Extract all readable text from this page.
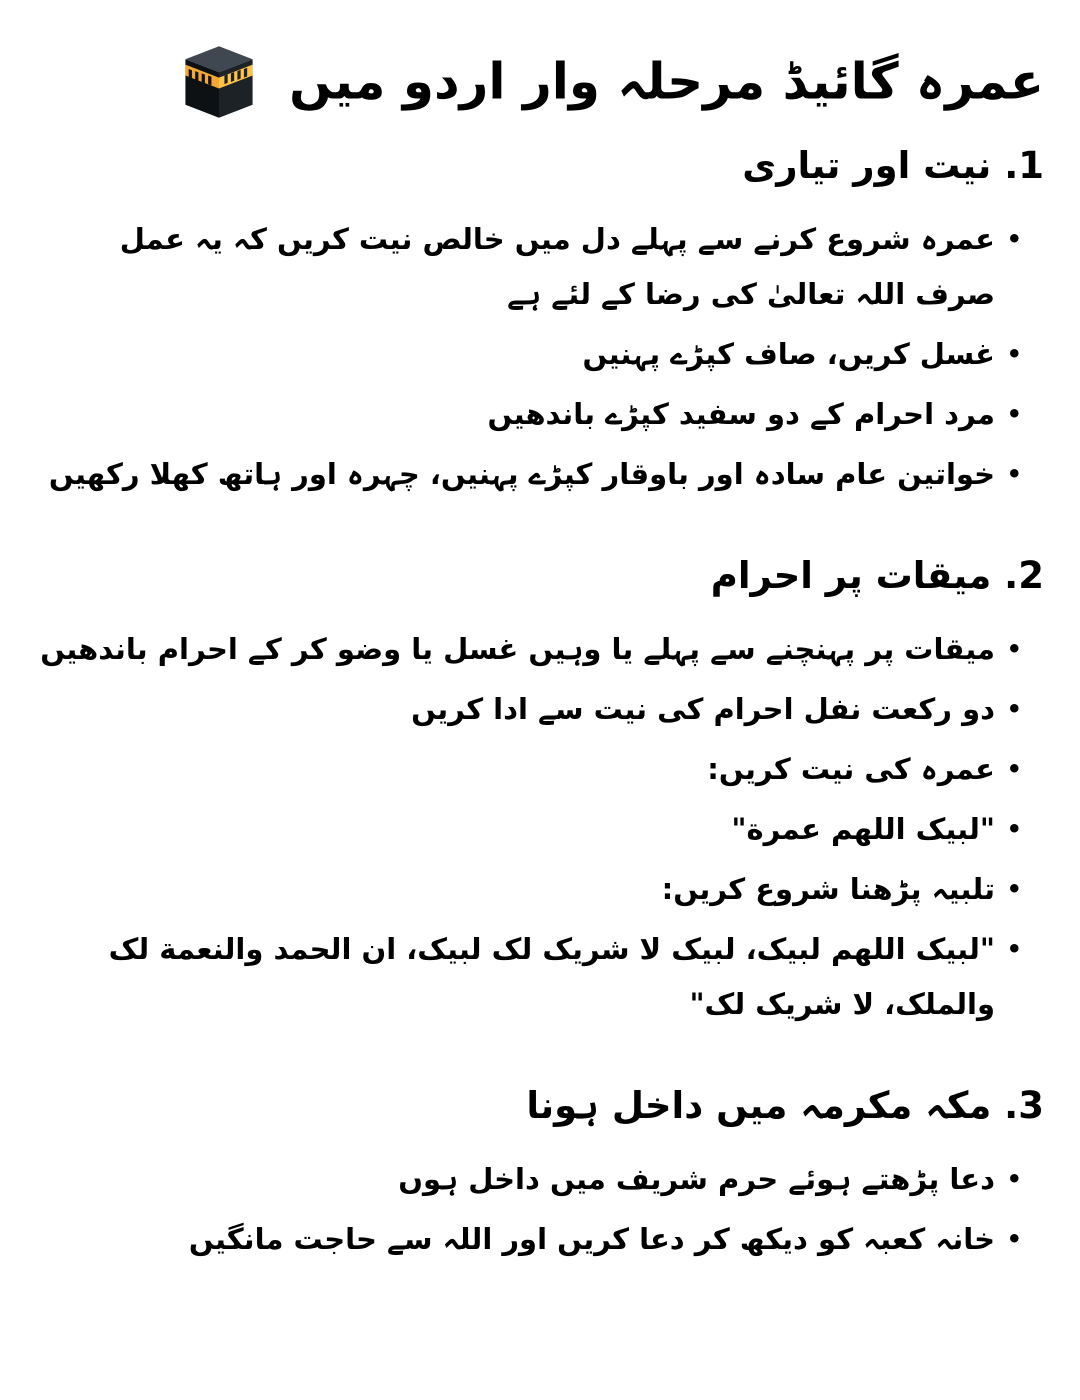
عمرہ گائیڈ مرحلہ وار اردو میں
1. نیت اور تیاری
•
عمرہ شروع کرنے سے پہلے دل میں خالص نیت کریں کہ یہ عمل صرف اللہ تعالیٰ کی رضا کے لئے ہے
•
غسل کریں، صاف کپڑے پہنیں
•
مرد احرام کے دو سفید کپڑے باندھیں
•
خواتین عام سادہ اور باوقار کپڑے پہنیں، چہرہ اور ہاتھ کھلا رکھیں
2. میقات پر احرام
•
میقات پر پہنچنے سے پہلے یا وہیں غسل یا وضو کر کے احرام باندھیں
•
دو رکعت نفل احرام کی نیت سے ادا کریں
•
عمرہ کی نیت کریں:
•
"لبیک اللهم عمرة"
•
تلبیہ پڑھنا شروع کریں:
•
"لبیک اللهم لبیک، لبیک لا شریک لک لبیک، ان الحمد والنعمة لک والملک، لا شریک لک"
3. مکہ مکرمہ میں داخل ہونا
•
دعا پڑھتے ہوئے حرم شریف میں داخل ہوں
•
خانہ کعبہ کو دیکھ کر دعا کریں اور اللہ سے حاجت مانگیں
